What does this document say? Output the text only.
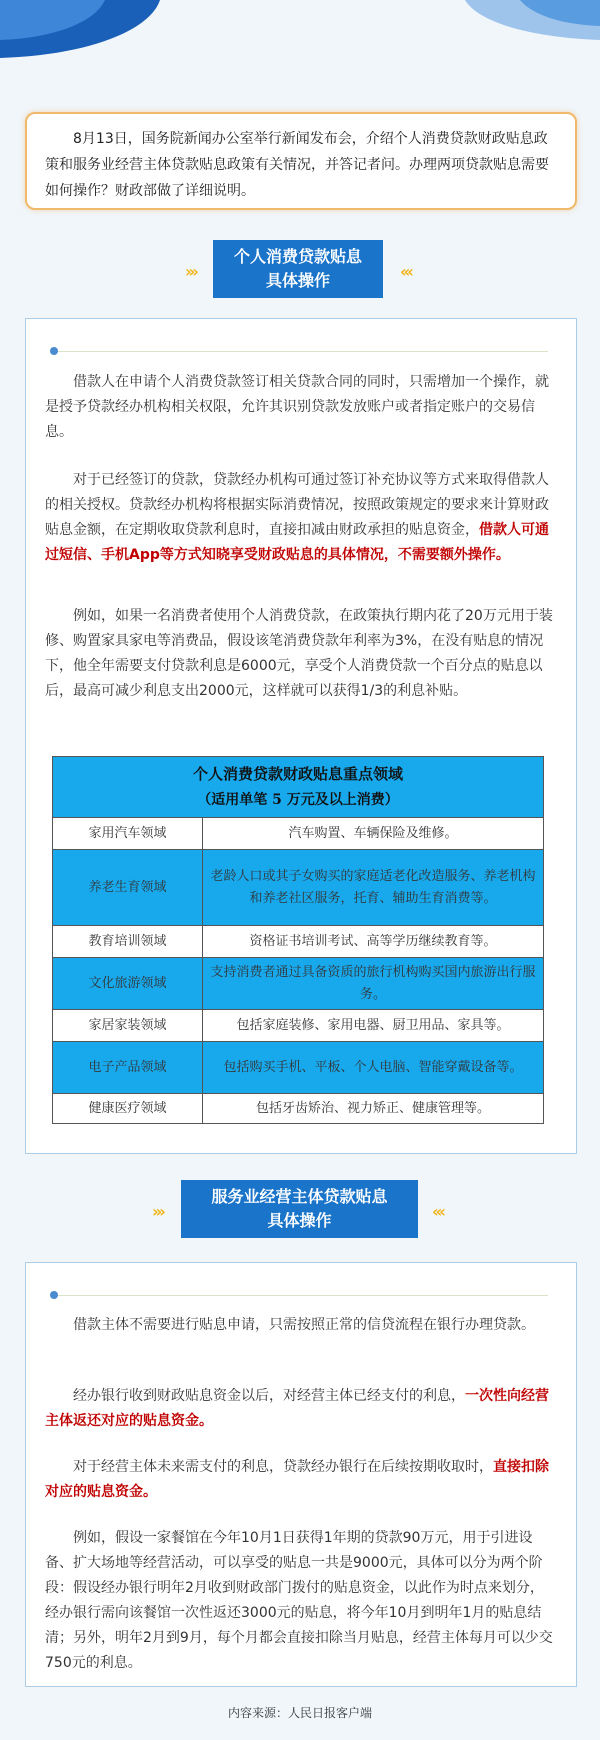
8月13日，国务院新闻办公室举行新闻发布会，介绍个人消费贷款财政贴息政策和服务业经营主体贷款贴息政策有关情况，并答记者问。办理两项贷款贴息需要如何操作？财政部做了详细说明。
›››
个人消费贷款贴息
具体操作	‹‹‹
借款人在申请个人消费贷款签订相关贷款合同的同时，只需增加一个操作，就是授予贷款经办机构相关权限，允许其识别贷款发放账户或者指定账户的交易信息。
对于已经签订的贷款，贷款经办机构可通过签订补充协议等方式来取得借款人的相关授权。贷款经办机构将根据实际消费情况，按照政策规定的要求来计算财政贴息金额，在定期收取贷款利息时，直接扣减由财政承担的贴息资金，借款人可通过短信、手机App等方式知晓享受财政贴息的具体情况，不需要额外操作。
例如，如果一名消费者使用个人消费贷款，在政策执行期内花了20万元用于装修、购置家具家电等消费品，假设该笔消费贷款年利率为3%，在没有贴息的情况下，他全年需要支付贷款利息是6000元，享受个人消费贷款一个百分点的贴息以后，最高可减少利息支出2000元，这样就可以获得1/3的利息补贴。
个人消费贷款财政贴息重点领域
（适用单笔 5 万元及以上消费）	

家用汽车领域	汽车购置、车辆保险及维修。
养老生育领域	老龄人口或其子女购买的家庭适老化改造服务、养老机构和养老社区服务，托育、辅助生育消费等。
教育培训领域	资格证书培训考试、高等学历继续教育等。
文化旅游领域	支持消费者通过具备资质的旅行机构购买国内旅游出行服务。
家居家装领域	包括家庭装修、家用电器、厨卫用品、家具等。
电子产品领域	包括购买手机、平板、个人电脑、智能穿戴设备等。
健康医疗领域	包括牙齿矫治、视力矫正、健康管理等。
›››
服务业经营主体贷款贴息
具体操作	‹‹‹
借款主体不需要进行贴息申请，只需按照正常的信贷流程在银行办理贷款。
经办银行收到财政贴息资金以后，对经营主体已经支付的利息，一次性向经营主体返还对应的贴息资金。
对于经营主体未来需支付的利息，贷款经办银行在后续按期收取时，直接扣除对应的贴息资金。
例如，假设一家餐馆在今年10月1日获得1年期的贷款90万元，用于引进设备、扩大场地等经营活动，可以享受的贴息一共是9000元，具体可以分为两个阶段：假设经办银行明年2月收到财政部门拨付的贴息资金，以此作为时点来划分，经办银行需向该餐馆一次性返还3000元的贴息，将今年10月到明年1月的贴息结清；另外，明年2月到9月，每个月都会直接扣除当月贴息，经营主体每月可以少交750元的利息。
内容来源：人民日报客户端
